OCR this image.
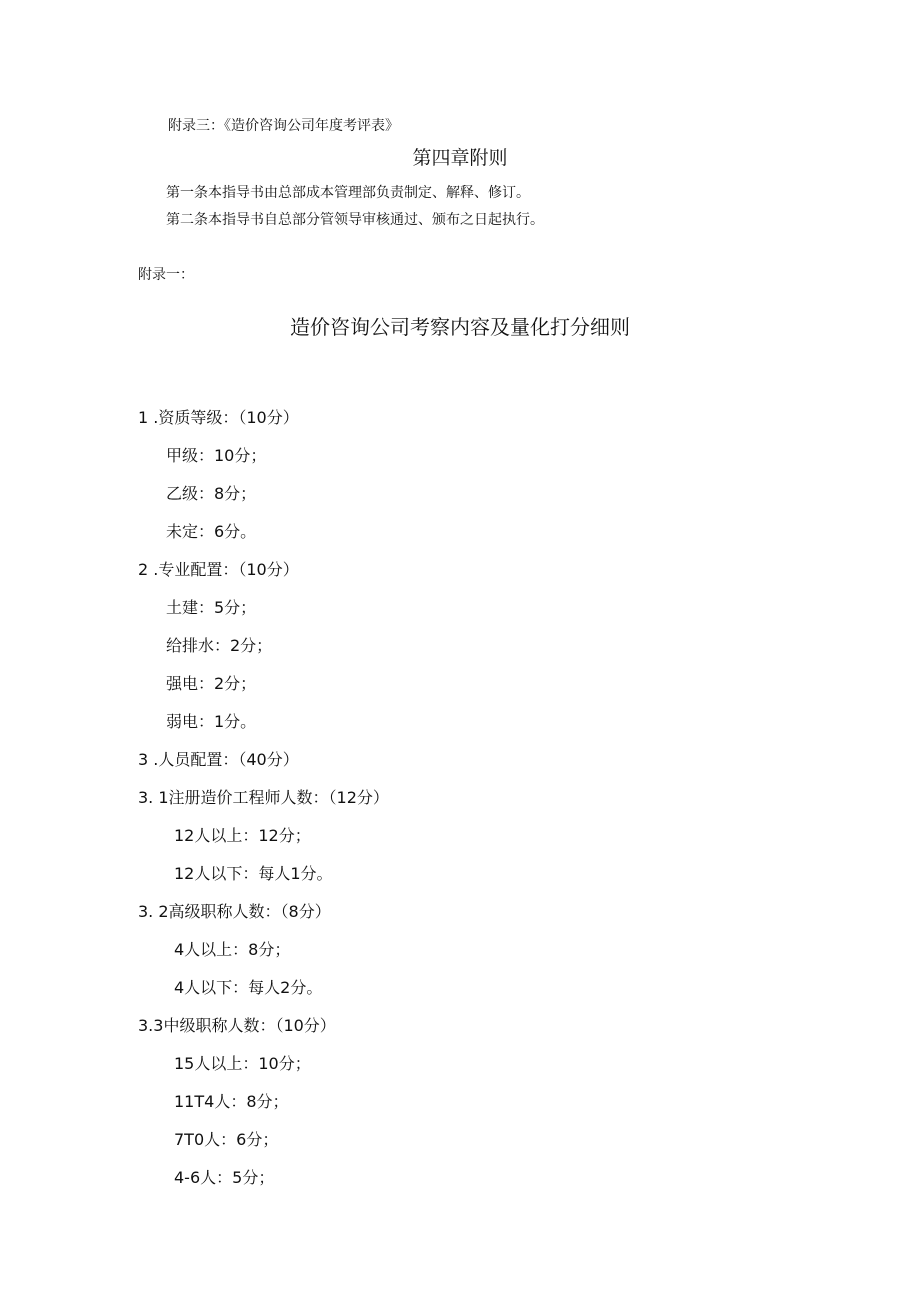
附录三：《造价咨询公司年度考评表》
第四章附则
第一条本指导书由总部成本管理部负责制定、解释、修订。
第二条本指导书自总部分管领导审核通过、颁布之日起执行。
附录一：
造价咨询公司考察内容及量化打分细则
1 .资质等级：（10分）
甲级：10分；
乙级：8分；
未定：6分。
2 .专业配置：（10分）
土建：5分；
给排水：2分；
强电：2分；
弱电：1分。
3 .人员配置：（40分）
3. 1注册造价工程师人数：（12分）
12人以上：12分；
12人以下：每人1分。
3. 2高级职称人数：（8分）
4人以上：8分；
4人以下：每人2分。
3.3中级职称人数：（10分）
15人以上：10分；
11T4人：8分；
7T0人：6分；
4-6人：5分；
